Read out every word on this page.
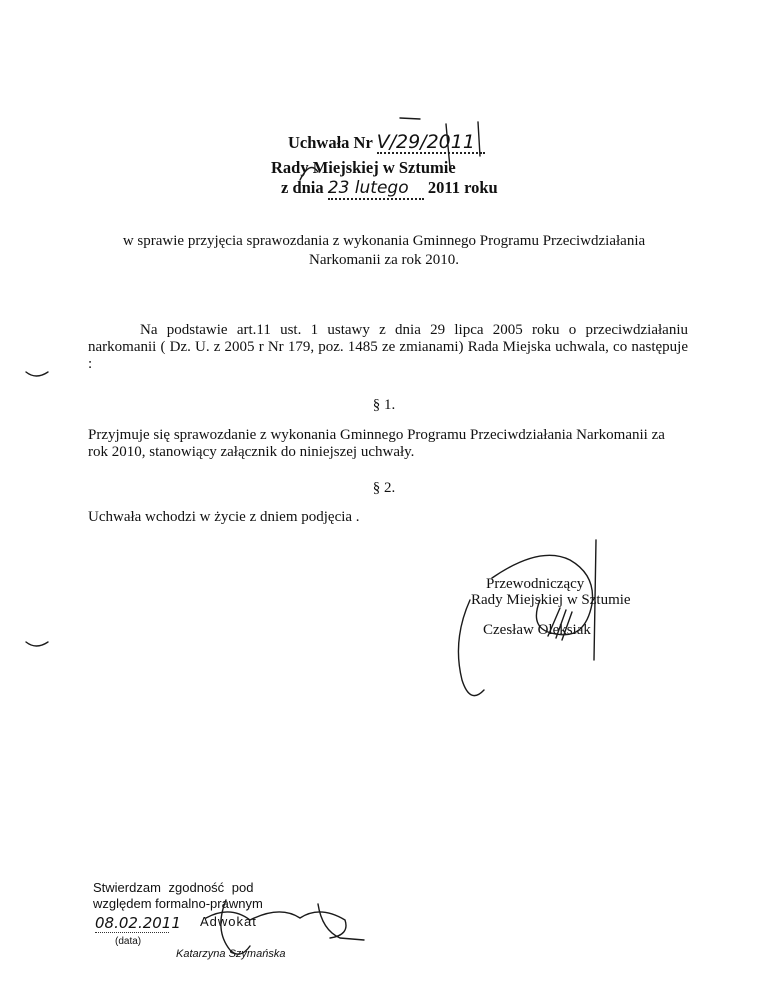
Uchwała Nr V/29/2011
Rady Miejskiej w Sztumie
z dnia 23 lutego 2011 roku
w sprawie przyjęcia sprawozdania z wykonania Gminnego Programu Przeciwdziałania
Narkomanii za rok 2010.
Na podstawie art.11 ust. 1 ustawy z dnia 29 lipca 2005 roku o przeciwdziałaniu narkomanii ( Dz. U. z 2005 r Nr 179, poz. 1485 ze zmianami) Rada Miejska uchwala, co następuje :
§ 1.
Przyjmuje się sprawozdanie z wykonania Gminnego Programu Przeciwdziałania Narkomanii za rok 2010, stanowiący załącznik do niniejszej uchwały.
§ 2.
Uchwała wchodzi w życie z dniem podjęcia .
Przewodniczący
Rady Miejskiej w Sztumie
Czesław Oleksiak
Stwierdzam zgodność pod
względem formalno-prawnym
08.02.2011
(data)
Adwokat
Katarzyna Szymańska
